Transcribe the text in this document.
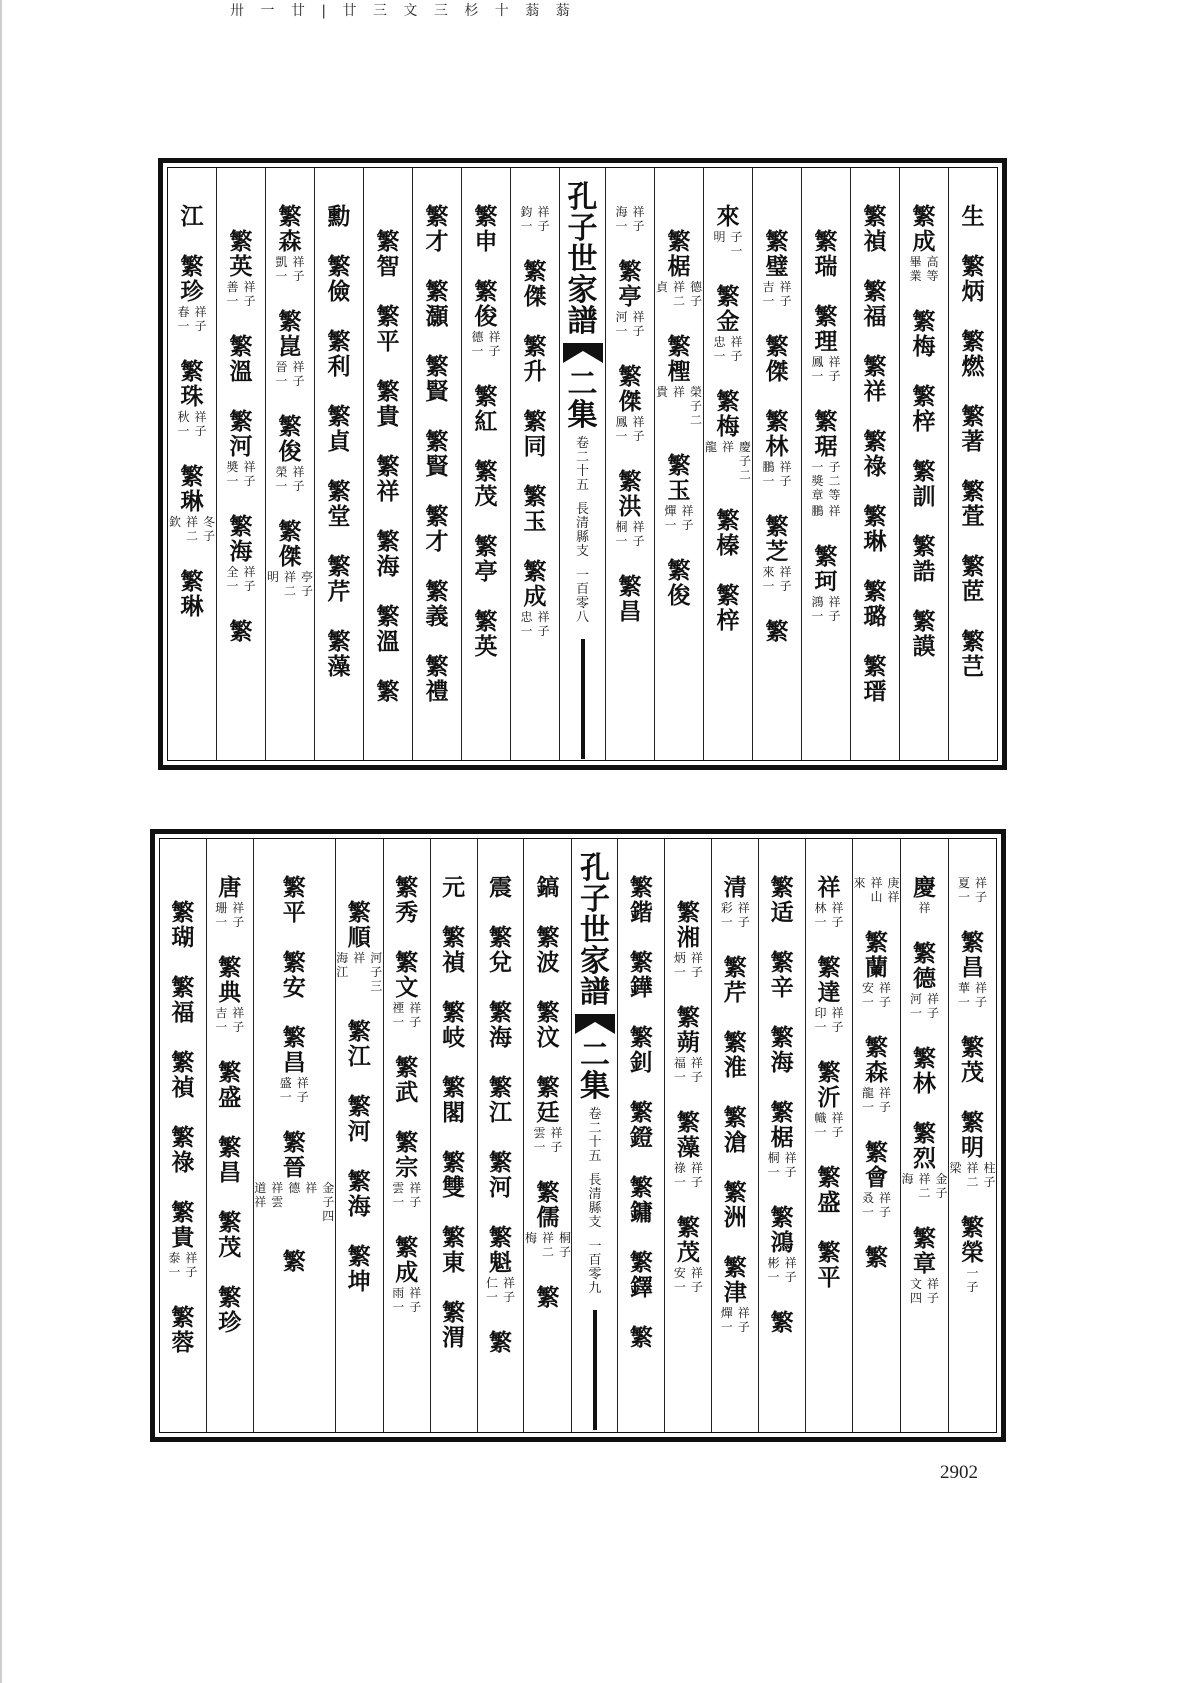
卅 一 廿 | 廿 三 文 三 杉 十 蓊 蓊
生
繁
炳
繁
燃
繁
著
繁
萓
繁
茝
繁
芑
繁
成
高
等
畢
業
繁
梅
繁
梓
繁
訓
繁
誥
繁
謨
繁
禎
繁
福
繁
祥
繁
祿
繁
琳
繁
璐
繁
瑨
繁
瑞
繁
理
祥
子
鳳
一
繁
琚
子
二
等
一
獎
章
祥
鵬
繁
珂
祥
子
鴻
一
繁
璧
祥
子
吉
一
繁
傑
繁
林
祥
子
鵬
一
繁
芝
祥
子
來
一
繁
來
子
一
明
繁
金
祥
子
忠
一
繁
梅
慶
子
二
祥
龍
繁
榛
繁
梓
繁
椐
德
子
祥
二
貞
繁
檉
榮
子
二
祥
貴
繁
玉
祥
子
燀
一
繁
俊
祥
子
海
一
繁
亭
祥
子
河
一
繁
傑
祥
子
鳳
一
繁
洪
祥
子
桐
一
繁
昌
孔
子
世
家
譜
二
集
卷
二
十
五
長
清
縣
支
一
百
零
八
祥
子
鈞
一
繁
傑
繁
升
繁
同
繁
玉
繁
成
祥
子
忠
一
繁
申
繁
俊
祥
子
德
一
繁
紅
繁
茂
繁
亭
繁
英
繁
才
繁
灝
繁
賢
繁
賢
繁
才
繁
義
繁
禮
繁
智
繁
平
繁
貴
繁
祥
繁
海
繁
溫
繁
勳
繁
儉
繁
利
繁
貞
繁
堂
繁
芹
繁
藻
繁
森
祥
子
凱
一
繁
崑
祥
子
晉
一
繁
俊
祥
子
榮
一
繁
傑
亭
子
祥
二
明
繁
英
祥
子
善
一
繁
溫
繁
河
祥
子
奬
一
繁
海
祥
子
全
一
繁
江
繁
珍
祥
子
春
一
繁
珠
祥
子
秋
一
繁
琳
冬
子
祥
二
欽
繁
琳
祥
子
夏
一
繁
昌
祥
子
華
一
繁
茂
繁
明
柱
子
祥
二
梁
繁
榮
一
子
慶
祥
繁
德
祥
子
河
一
繁
林
繁
烈
金
子
祥
二
海
繁
章
祥
子
文
四
庚
祥
祥
山
來
繁
蘭
祥
子
安
一
繁
森
祥
子
龍
一
繁
會
祥
子
叒
一
繁
祥
祥
子
林
一
繁
達
祥
子
印
一
繁
沂
祥
子
幟
一
繁
盛
繁
平
繁
适
繁
辛
繁
海
繁
椐
祥
子
桐
一
繁
鴻
祥
子
彬
一
繁
清
祥
子
彩
一
繁
芹
繁
淮
繁
滄
繁
洲
繁
津
祥
子
燀
一
繁
湘
祥
子
炳
一
繁
蒴
祥
子
福
一
繁
藻
祥
子
祿
一
繁
茂
祥
子
安
一
繁
鍇
繁
鏵
繁
釗
繁
鐙
繁
鏞
繁
鐸
繁
孔
子
世
家
譜
二
集
卷
二
十
五
長
清
縣
支
一
百
零
九
鎬
繁
波
繁
汶
繁
廷
祥
子
雲
一
繁
儒
桐
子
祥
二
梅
繁
震
繁
兌
繁
海
繁
江
繁
河
繁
魁
祥
子
仁
一
繁
元
繁
禎
繁
岐
繁
閣
繁
雙
繁
東
繁
渭
繁
秀
繁
文
祥
子
禋
一
繁
武
繁
宗
祥
子
雲
一
繁
成
祥
子
雨
一
繁
順
河
子
三
祥
海
江
繁
江
繁
河
繁
海
繁
坤
繁
平
繁
安
繁
昌
祥
子
盛
一
繁
晉
金
子
四
祥
德
祥
雲
道
祥
繁
唐
祥
子
珊
一
繁
典
祥
子
吉
一
繁
盛
繁
昌
繁
茂
繁
珍
繁
瑚
繁
福
繁
禎
繁
祿
繁
貴
祥
子
泰
一
繁
蓉
2902
